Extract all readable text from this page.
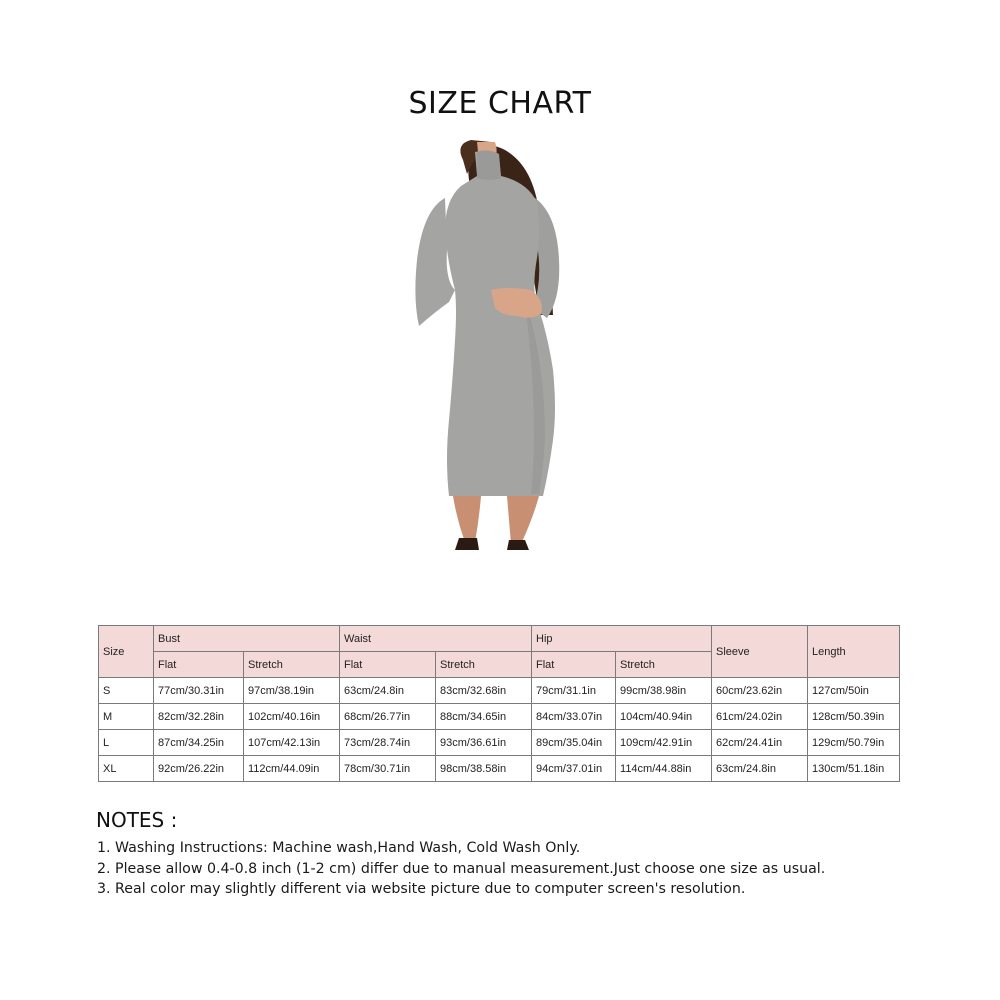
SIZE CHART
Size	Bust		Waist		Hip		Sleeve	Length
	Flat	Stretch	Flat	Stretch	Flat	Stretch		
S	77cm/30.31in	97cm/38.19in	63cm/24.8in	83cm/32.68in	79cm/31.1in	99cm/38.98in	60cm/23.62in	127cm/50in
M	82cm/32.28in	102cm/40.16in	68cm/26.77in	88cm/34.65in	84cm/33.07in	104cm/40.94in	61cm/24.02in	128cm/50.39in
L	87cm/34.25in	107cm/42.13in	73cm/28.74in	93cm/36.61in	89cm/35.04in	109cm/42.91in	62cm/24.41in	129cm/50.79in
XL	92cm/26.22in	112cm/44.09in	78cm/30.71in	98cm/38.58in	94cm/37.01in	114cm/44.88in	63cm/24.8in	130cm/51.18in
NOTES :
1. Washing Instructions: Machine wash,Hand Wash, Cold Wash Only.
2. Please allow 0.4-0.8 inch (1-2 cm) differ due to manual measurement.Just choose one size as usual.
3. Real color may slightly different via website picture due to computer screen's resolution.
